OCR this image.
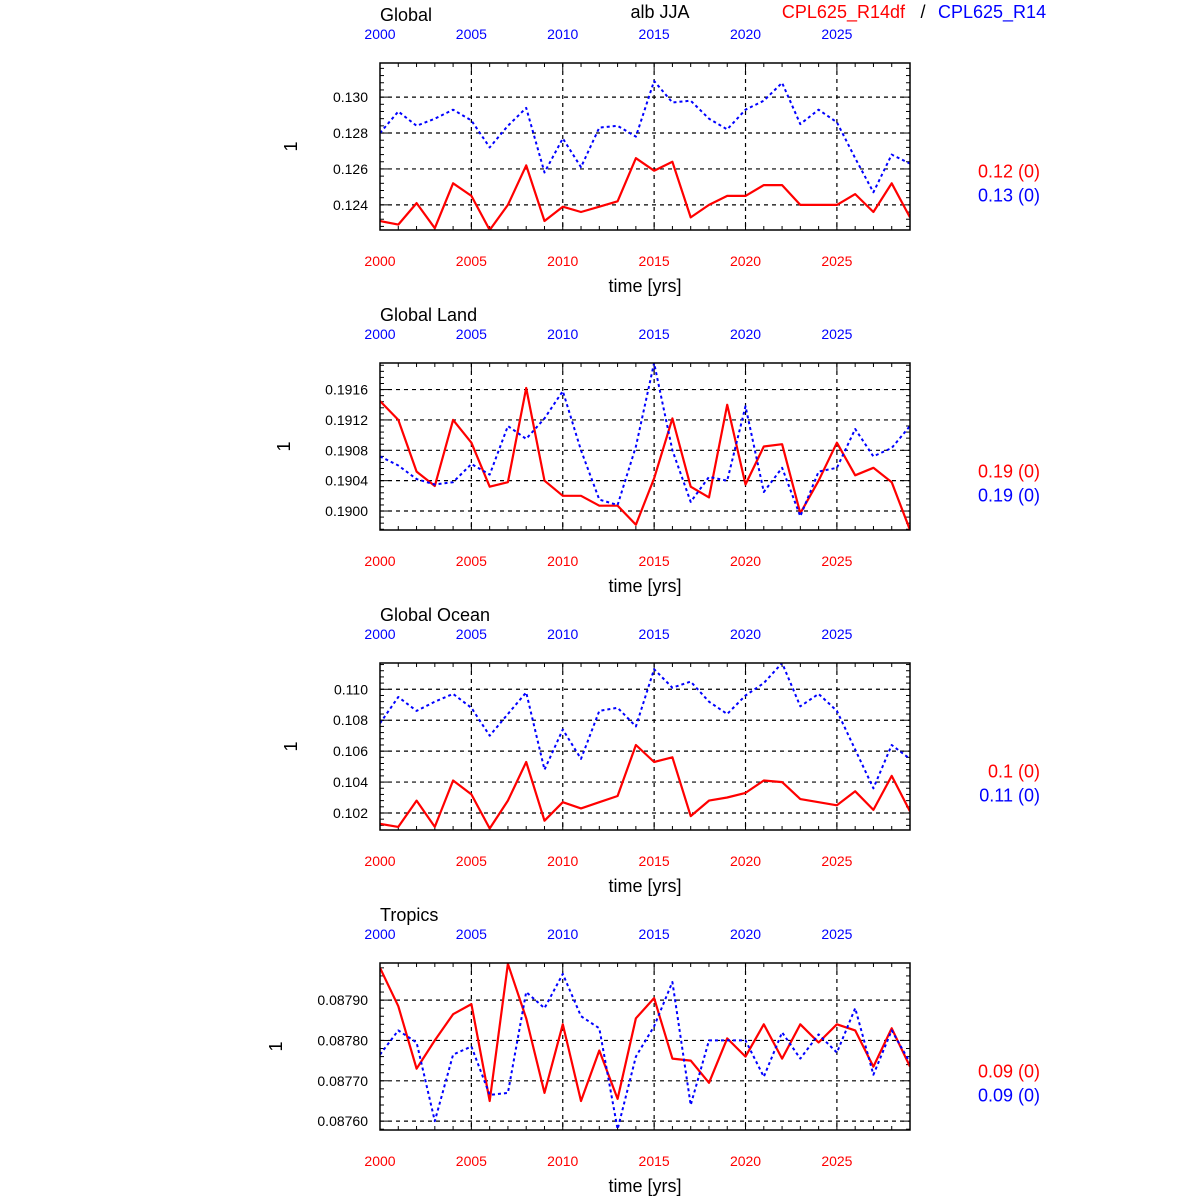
alb JJA	CPL625_R14df / CPL625_R14
Global
2000
2000
2005
2005
2010
2010
2015
2015
2020
2020
2025
2025
0.124
0.126
0.128
0.130
time [yrs]
1
0.12 (0)
0.13 (0)
Global Land
2000
2000
2005
2005
2010
2010
2015
2015
2020
2020
2025
2025
0.1900
0.1904
0.1908
0.1912
0.1916
time [yrs]
1
0.19 (0)
0.19 (0)
Global Ocean
2000
2000
2005
2005
2010
2010
2015
2015
2020
2020
2025
2025
0.102
0.104
0.106
0.108
0.110
time [yrs]
1
0.1 (0)
0.11 (0)
Tropics
2000
2000
2005
2005
2010
2010
2015
2015
2020
2020
2025
2025
0.08760
0.08770
0.08780
0.08790
time [yrs]
1
0.09 (0)
0.09 (0)
